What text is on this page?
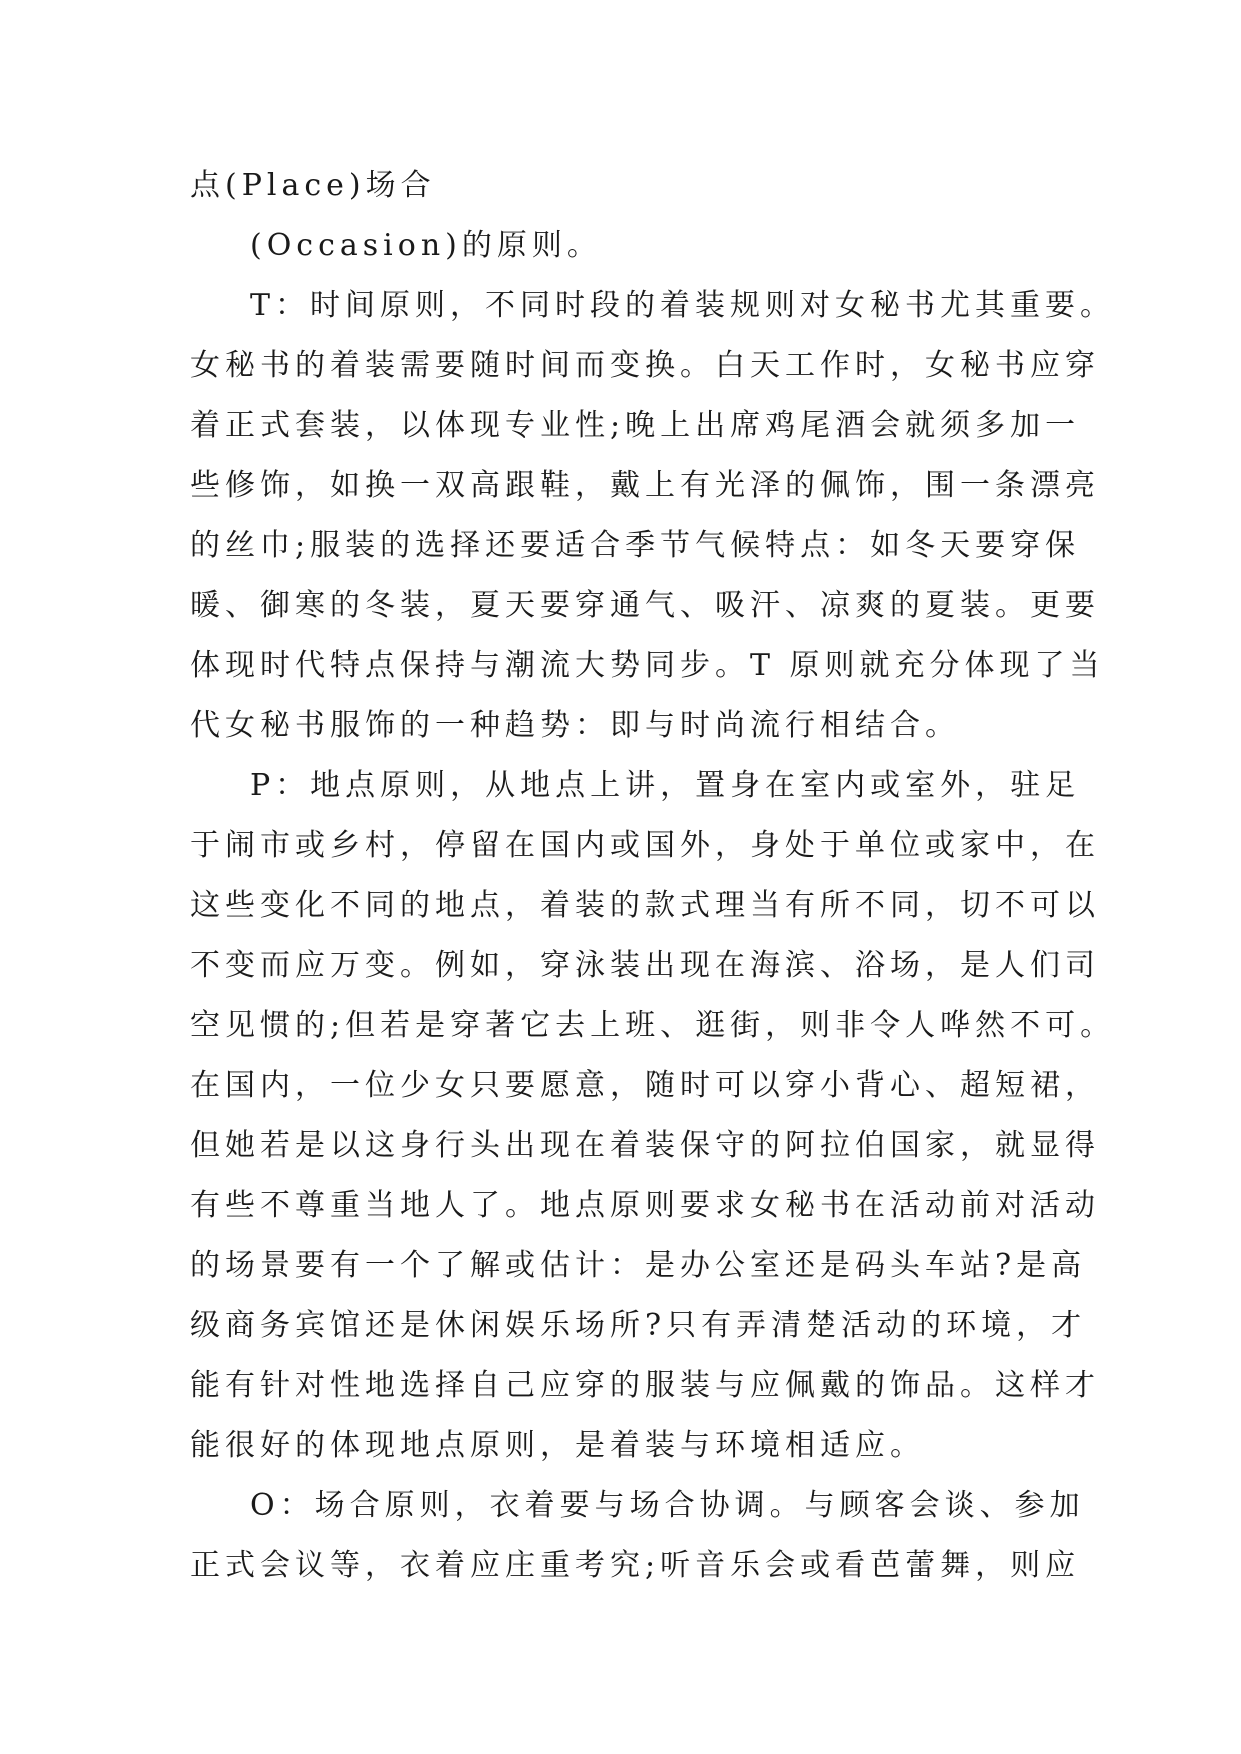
点(Place)场合
(Occasion)的原则。
T：时间原则，不同时段的着装规则对女秘书尤其重要。
女秘书的着装需要随时间而变换。白天工作时，女秘书应穿
着正式套装，以体现专业性;晚上出席鸡尾酒会就须多加一
些修饰，如换一双高跟鞋，戴上有光泽的佩饰，围一条漂亮
的丝巾;服装的选择还要适合季节气候特点：如冬天要穿保
暖、御寒的冬装，夏天要穿通气、吸汗、凉爽的夏装。更要
体现时代特点保持与潮流大势同步。T 原则就充分体现了当
代女秘书服饰的一种趋势：即与时尚流行相结合。
P：地点原则，从地点上讲，置身在室内或室外，驻足
于闹市或乡村，停留在国内或国外，身处于单位或家中，在
这些变化不同的地点，着装的款式理当有所不同，切不可以
不变而应万变。例如，穿泳装出现在海滨、浴场，是人们司
空见惯的;但若是穿著它去上班、逛街，则非令人哗然不可。
在国内，一位少女只要愿意，随时可以穿小背心、超短裙，
但她若是以这身行头出现在着装保守的阿拉伯国家，就显得
有些不尊重当地人了。地点原则要求女秘书在活动前对活动
的场景要有一个了解或估计：是办公室还是码头车站?是高
级商务宾馆还是休闲娱乐场所?只有弄清楚活动的环境，才
能有针对性地选择自己应穿的服装与应佩戴的饰品。这样才
能很好的体现地点原则，是着装与环境相适应。
O：场合原则，衣着要与场合协调。与顾客会谈、参加
正式会议等，衣着应庄重考究;听音乐会或看芭蕾舞，则应
